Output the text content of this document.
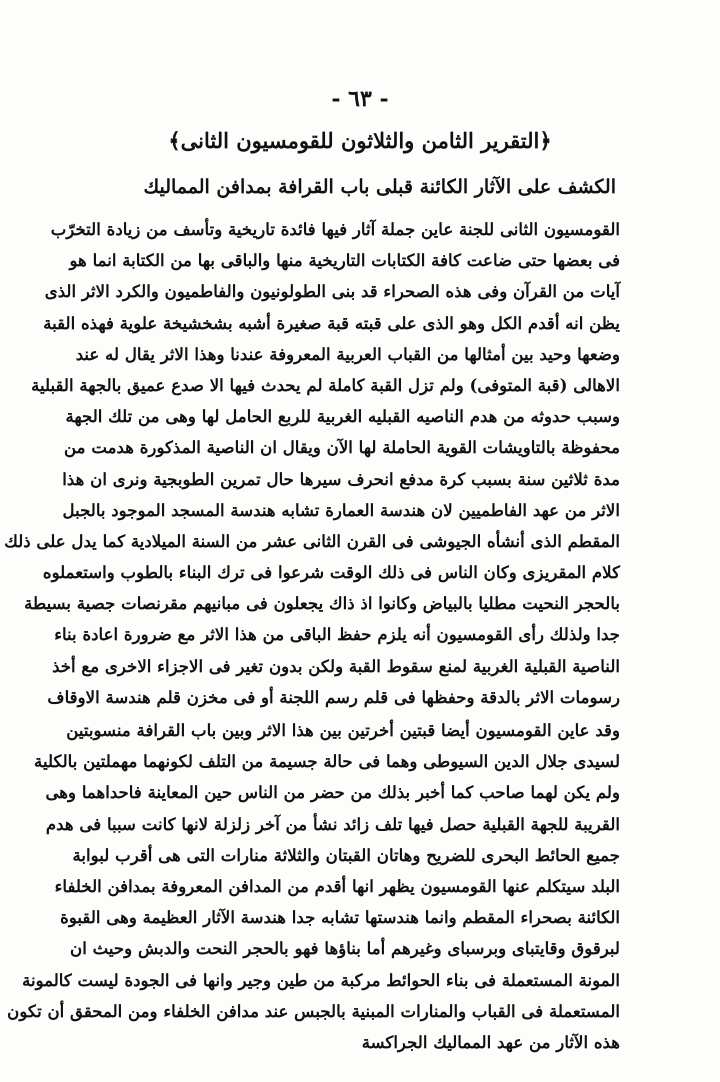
- ٦٣ -
﴿التقرير الثامن والثلاثون للقومسيون الثانى﴾
الكشف على الآثار الكائنة قبلى باب القرافة بمدافن المماليك
القومسيون الثانى للجنة عاين جملة آثار فيها فائدة تاريخية وتأسف من زيادة التخرّب
فى بعضها حتى ضاعت كافة الكتابات التاريخية منها والباقى بها من الكتابة انما هو
آيات من القرآن وفى هذه الصحراء قد بنى الطولونيون والفاطميون والكرد الاثر الذى
يظن انه أقدم الكل وهو الذى على قبته قبة صغيرة أشبه بشخشيخة علوية فهذه القبة
وضعها وحيد بين أمثالها من القباب العربية المعروفة عندنا وهذا الاثر يقال له عند
الاهالى (قبة المتوفى) ولم تزل القبة كاملة لم يحدث فيها الا صدع عميق بالجهة القبلية
وسبب حدوثه من هدم الناصيه القبليه الغربية للربع الحامل لها وهى من تلك الجهة
محفوظة بالتاويشات القوية الحاملة لها الآن ويقال ان الناصية المذكورة هدمت من
مدة ثلاثين سنة بسبب كرة مدفع انحرف سيرها حال تمرين الطوبجية ونرى ان هذا
الاثر من عهد الفاطميين لان هندسة العمارة تشابه هندسة المسجد الموجود بالجبل
المقطم الذى أنشأه الجيوشى فى القرن الثانى عشر من السنة الميلادية كما يدل على ذلك
كلام المقريزى وكان الناس فى ذلك الوقت شرعوا فى ترك البناء بالطوب واستعملوه
بالحجر النحيت مطليا بالبياض وكانوا اذ ذاك يجعلون فى مبانيهم مقرنصات جصية بسيطة
جدا ولذلك رأى القومسيون أنه يلزم حفظ الباقى من هذا الاثر مع ضرورة اعادة بناء
الناصية القبلية الغربية لمنع سقوط القبة ولكن بدون تغير فى الاجزاء الاخرى مع أخذ
رسومات الاثر بالدقة وحفظها فى قلم رسم اللجنة أو فى مخزن قلم هندسة الاوقاف
وقد عاين القومسيون أيضا قبتين أخرتين بين هذا الاثر وبين باب القرافة منسوبتين
لسيدى جلال الدين السيوطى وهما فى حالة جسيمة من التلف لكونهما مهملتين بالكلية
ولم يكن لهما صاحب كما أخبر بذلك من حضر من الناس حين المعاينة فاحداهما وهى
القريبة للجهة القبلية حصل فيها تلف زائد نشأ من آخر زلزلة لانها كانت سببا فى هدم
جميع الحائط البحرى للضريح وهاتان القبتان والثلاثة منارات التى هى أقرب لبوابة
البلد سيتكلم عنها القومسيون يظهر انها أقدم من المدافن المعروفة بمدافن الخلفاء
الكائنة بصحراء المقطم وانما هندستها تشابه جدا هندسة الآثار العظيمة وهى القبوة
لبرقوق وقايتباى وبرسباى وغيرهم أما بناؤها فهو بالحجر النحت والدبش وحيث ان
المونة المستعملة فى بناء الحوائط مركبة من طين وجير وانها فى الجودة ليست كالمونة
المستعملة فى القباب والمنارات المبنية بالجبس عند مدافن الخلفاء ومن المحقق أن تكون
هذه الآثار من عهد المماليك الجراكسة
